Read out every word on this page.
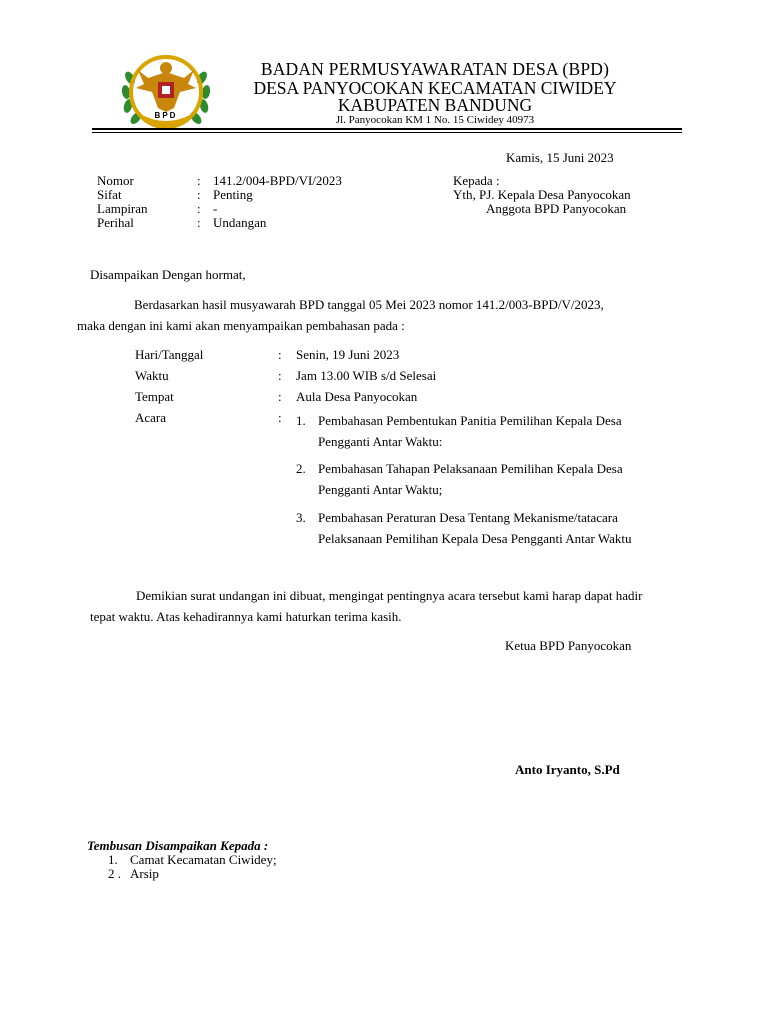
BPD
BADAN PERMUSYAWARATAN DESA (BPD)
DESA PANYOCOKAN KECAMATAN CIWIDEY
KABUPATEN BANDUNG
Jl. Panyocokan KM 1 No. 15 Ciwidey 40973
Kamis, 15 Juni 2023
Nomor	: 141.2/004-BPD/VI/2023
Sifat	: Penting
Lampiran	: -
Perihal	: Undangan
Kepada :
Yth, PJ. Kepala Desa Panyocokan
Anggota BPD Panyocokan
Disampaikan Dengan hormat,
Berdasarkan hasil musyawarah BPD tanggal 05 Mei 2023 nomor 141.2/003-BPD/V/2023,
maka dengan ini kami akan menyampaikan pembahasan pada :
Hari/Tanggal	: Senin, 19 Juni 2023
Waktu	: Jam 13.00 WIB s/d Selesai
Tempat	: Aula Desa Panyocokan
Acara	: 1. Pembahasan Pembentukan Panitia Pemilihan Kepala Desa
Pengganti Antar Waktu:
2. Pembahasan Tahapan Pelaksanaan Pemilihan Kepala Desa
Pengganti Antar Waktu;
3. Pembahasan Peraturan Desa Tentang Mekanisme/tatacara
Pelaksanaan Pemilihan Kepala Desa Pengganti Antar Waktu
Demikian surat undangan ini dibuat, mengingat pentingnya acara tersebut kami harap dapat hadir
tepat waktu. Atas kehadirannya kami haturkan terima kasih.
Ketua BPD Panyocokan
Anto Iryanto, S.Pd
Tembusan Disampaikan Kepada :
1. Camat Kecamatan Ciwidey;
2 . Arsip
